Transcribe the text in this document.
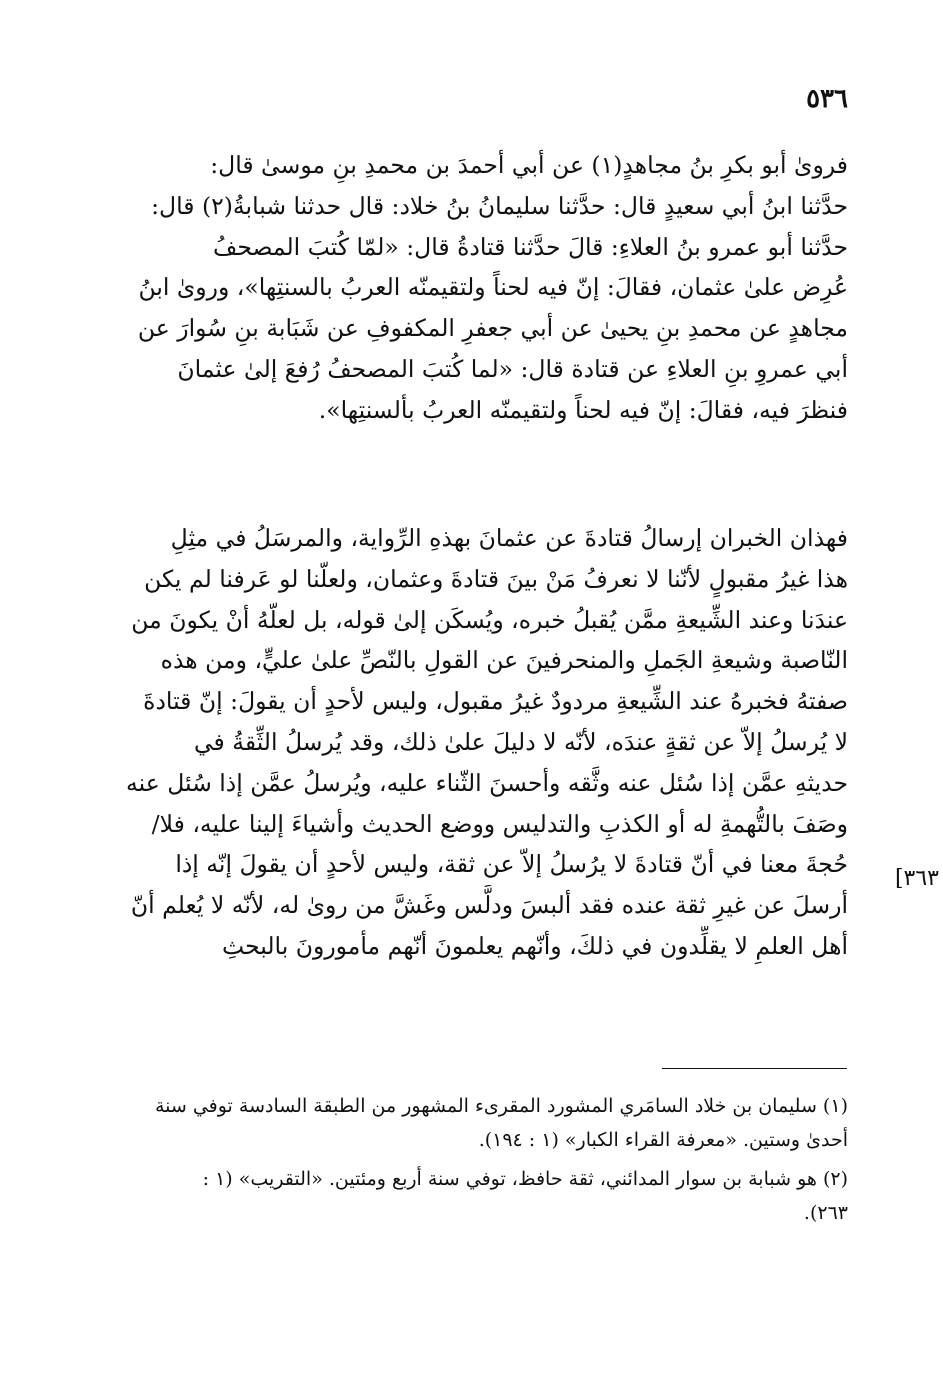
٥٣٦
فروىٰ أبو بكرِ بنُ مجاهدٍ(١) عن أبي أحمدَ بن محمدِ بنِ موسىٰ قال:
حدَّثنا ابنُ أبي سعيدٍ قال: حدَّثنا سليمانُ بنُ خلاد: قال حدثنا شبابةُ(٢) قال:
حدَّثنا أبو عمرو بنُ العلاءِ: قالَ حدَّثنا قتادةُ قال: «لمّا كُتبَ المصحفُ
عُرِض علىٰ عثمان، فقالَ: إنّ فيه لحناً ولتقيمنّه العربُ بالسنتِها»، وروىٰ ابنُ
مجاهدٍ عن محمدِ بنِ يحيىٰ عن أبي جعفرِ المكفوفِ عن شَبَابة بنِ سُوارَ عن
أبي عمروِ بنِ العلاءِ عن قتادة قال: «لما كُتبَ المصحفُ رُفعَ إلىٰ عثمانَ
فنظرَ فيه، فقالَ: إنّ فيه لحناً ولتقيمنّه العربُ بألسنتِها».
فهذان الخبران إرسالُ قتادةَ عن عثمانَ بهذهِ الرِّواية، والمرسَلُ في مثِلِ
هذا غيرُ مقبولٍ لأنّنا لا نعرفُ مَنْ بينَ قتادةَ وعثمان، ولعلّنا لو عَرفنا لم يكن
عندَنا وعند الشِّيعةِ ممَّن يُقبلُ خبره، ويُسكَن إلىٰ قوله، بل لعلّهُ أنْ يكونَ من
النّاصبة وشيعةِ الجَملِ والمنحرفينَ عن القولِ بالنّصِّ علىٰ عليٍّ، ومن هذه
صفتهُ فخبرهُ عند الشِّيعةِ مردودٌ غيرُ مقبول، وليس لأحدٍ أن يقولَ: إنّ قتادةَ
لا يُرسلُ إلاّ عن ثقةٍ عندَه، لأنّه لا دليلَ علىٰ ذلك، وقد يُرسلُ الثِّقةُ في
حديثهِ عمَّن إذا سُئل عنه وثَّقه وأحسنَ الثّناء عليه، ويُرسلُ عمَّن إذا سُئل عنه
وصَفَ بالتُّهمةِ له أو الكذبِ والتدليس ووضع الحديث وأشياءَ إلينا عليه، فلا/
حُجةَ معنا في أنّ قتادةَ لا يرُسلُ إلاّ عن ثقة، وليس لأحدٍ أن يقولَ إنّه إذا
أرسلَ عن غيرِ ثقة عنده فقد ألبسَ ودلَّس وغَشَّ من روىٰ له، لأنّه لا يُعلم أنّ
أهل العلمِ لا يقلِّدون في ذلكَ، وأنّهم يعلمونَ أنّهم مأمورونَ بالبحثِ
[٣٦٣
(١) سليمان بن خلاد السامَري المشورد المقرىء المشهور من الطبقة السادسة توفي سنة
أحدىٰ وستين. «معرفة القراء الكبار» (١ : ١٩٤).
(٢) هو شبابة بن سوار المدائني، ثقة حافظ، توفي سنة أربع ومئتين. «التقريب» (١ :
٢٦٣).
